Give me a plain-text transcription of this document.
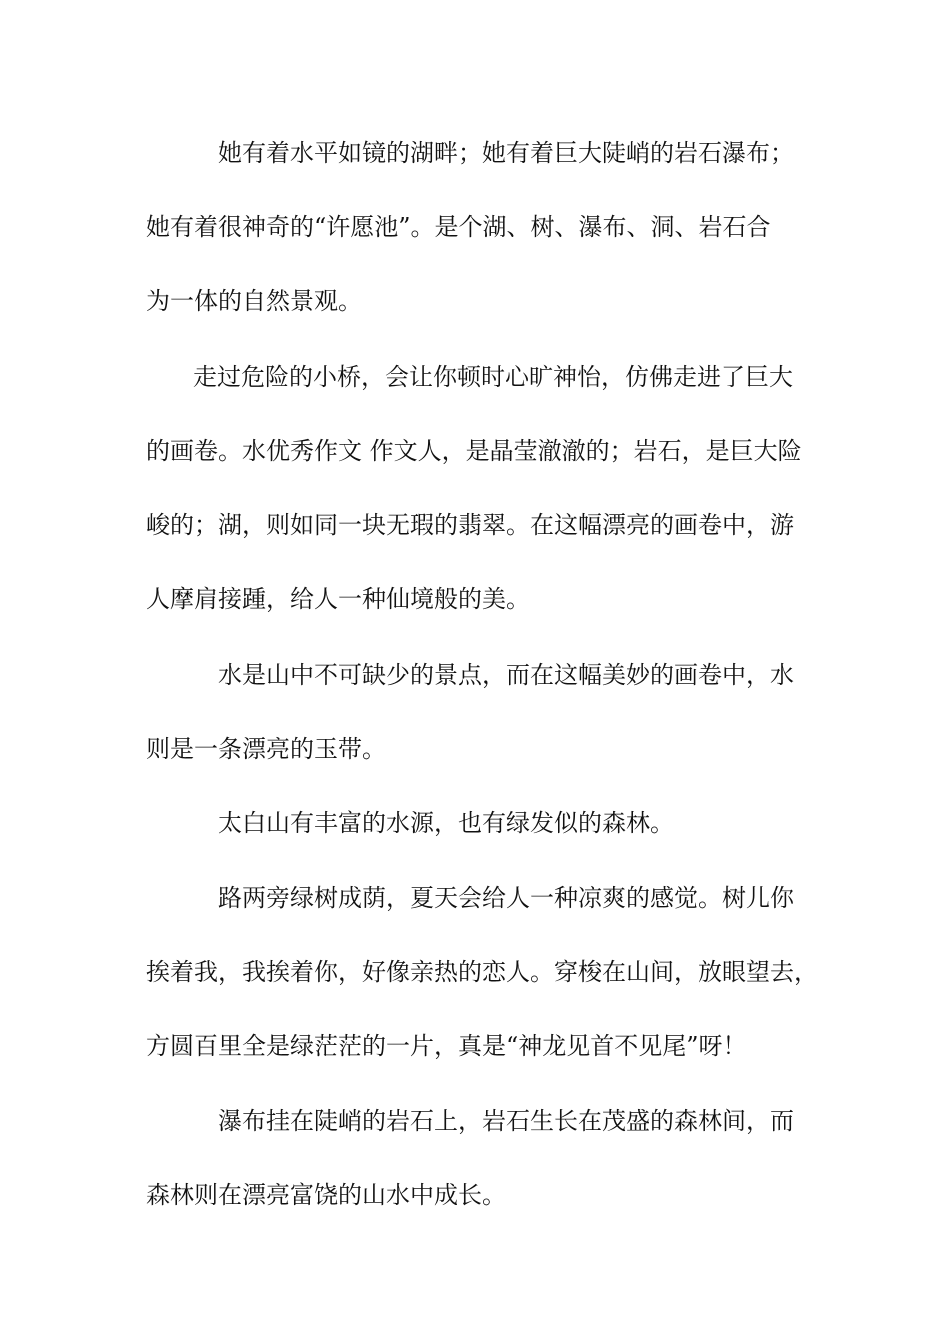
她有着水平如镜的湖畔；她有着巨大陡峭的岩石瀑布；

她有着很神奇的“许愿池”。是个湖、树、瀑布、洞、岩石合

为一体的自然景观。

走过危险的小桥，会让你顿时心旷神怡，仿佛走进了巨大

的画卷。水优秀作文 作文人，是晶莹澈澈的；岩石，是巨大险

峻的；湖，则如同一块无瑕的翡翠。在这幅漂亮的画卷中，游

人摩肩接踵，给人一种仙境般的美。

水是山中不可缺少的景点，而在这幅美妙的画卷中，水

则是一条漂亮的玉带。

太白山有丰富的水源，也有绿发似的森林。

路两旁绿树成荫，夏天会给人一种凉爽的感觉。树儿你

挨着我，我挨着你，好像亲热的恋人。穿梭在山间，放眼望去，

方圆百里全是绿茫茫的一片，真是“神龙见首不见尾”呀！

瀑布挂在陡峭的岩石上，岩石生长在茂盛的森林间，而

森林则在漂亮富饶的山水中成长。
